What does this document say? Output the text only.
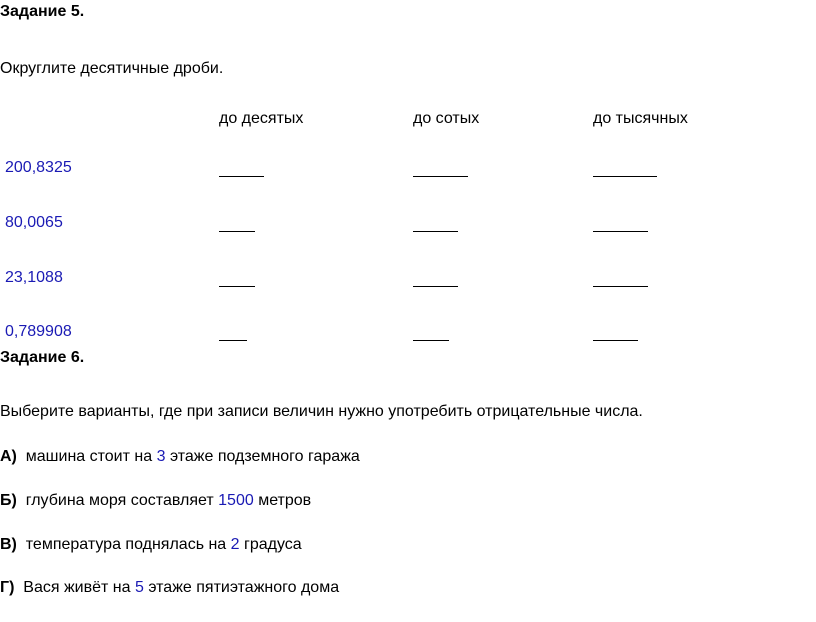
Задание 5.
Округлите десятичные дроби.
до десятых	до сотых	до тысячных
200,8325
80,0065
23,1088
0,789908
Задание 6.
Выберите варианты, где при записи величин нужно употребить отрицательные числа.
А) машина стоит на 3 этаже подземного гаража
Б) глубина моря составляет 1500 метров
В) температура поднялась на 2 градуса
Г) Вася живёт на 5 этаже пятиэтажного дома
